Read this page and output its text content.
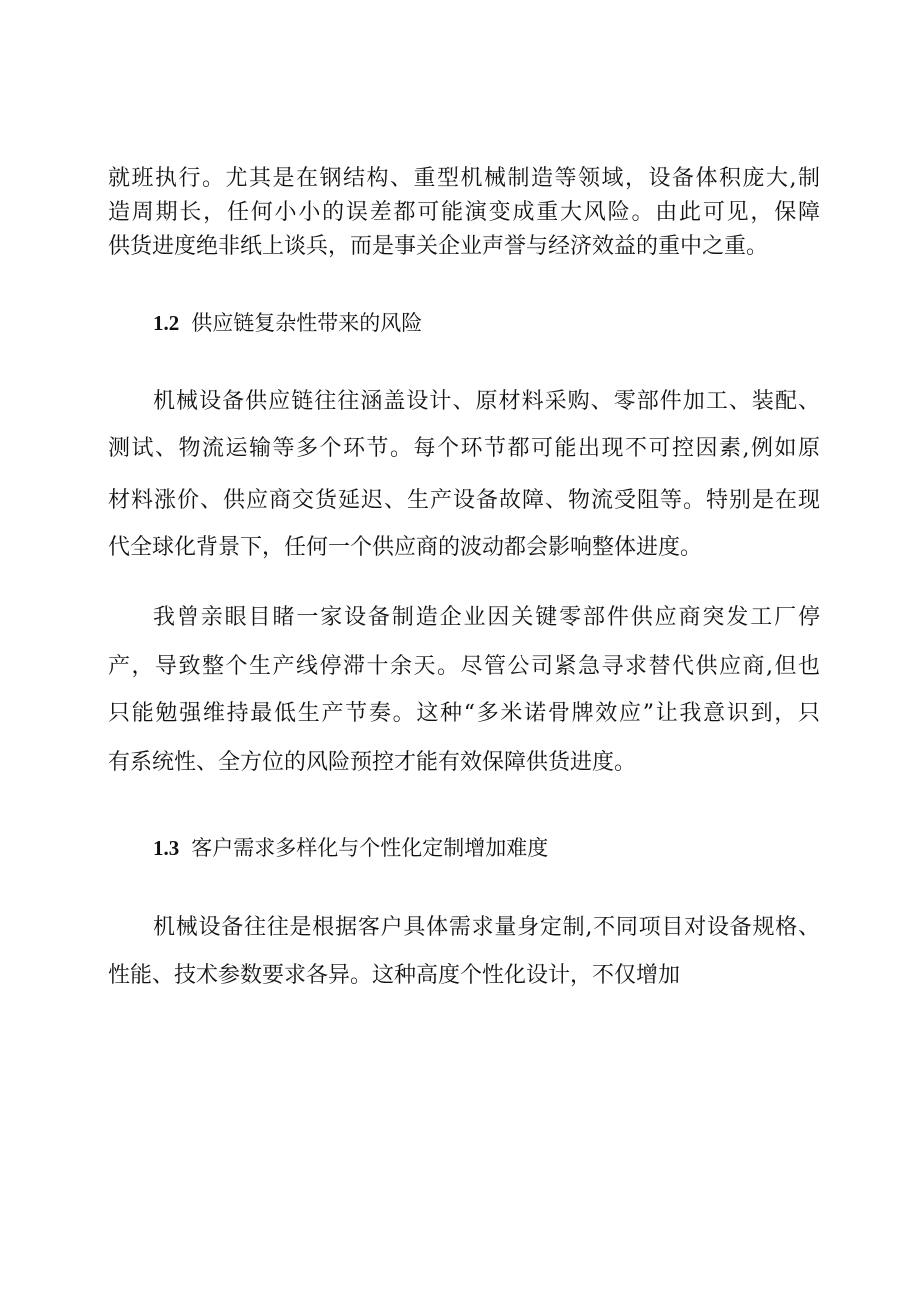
就班执行。尤其是在钢结构、重型机械制造等领域，设备体积庞大,制
造周期长，任何小小的误差都可能演变成重大风险。由此可见，保障
供货进度绝非纸上谈兵，而是事关企业声誉与经济效益的重中之重。
1.2 供应链复杂性带来的风险
机械设备供应链往往涵盖设计、原材料采购、零部件加工、装配、
测试、物流运输等多个环节。每个环节都可能出现不可控因素,例如原
材料涨价、供应商交货延迟、生产设备故障、物流受阻等。特别是在现
代全球化背景下，任何一个供应商的波动都会影响整体进度。
我曾亲眼目睹一家设备制造企业因关键零部件供应商突发工厂停
产，导致整个生产线停滞十余天。尽管公司紧急寻求替代供应商,但也
只能勉强维持最低生产节奏。这种“多米诺骨牌效应”让我意识到，只
有系统性、全方位的风险预控才能有效保障供货进度。
1.3 客户需求多样化与个性化定制增加难度
机械设备往往是根据客户具体需求量身定制,不同项目对设备规格、
性能、技术参数要求各异。这种高度个性化设计，不仅增加
